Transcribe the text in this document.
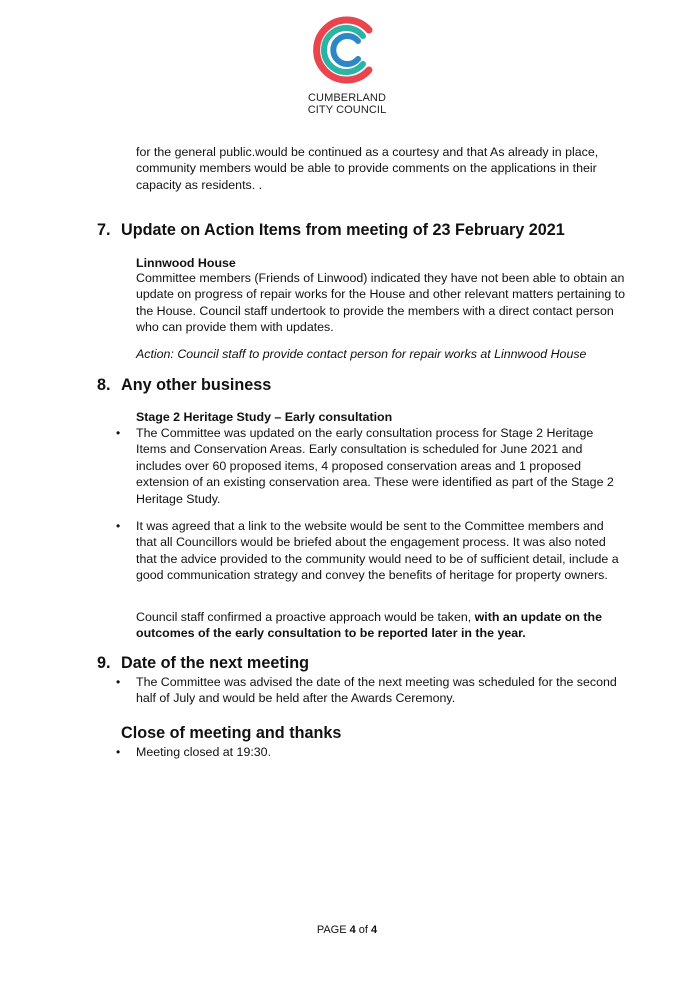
CUMBERLAND
CITY COUNCIL

for the general public.would be continued as a courtesy and that As already in place, community members would be able to provide comments on the applications in their capacity as residents. .

7. Update on Action Items from meeting of 23 February 2021

Linnwood House

Committee members (Friends of Linwood) indicated they have not been able to obtain an update on progress of repair works for the House and other relevant matters pertaining to the House. Council staff undertook to provide the members with a direct contact person who can provide them with updates.

Action: Council staff to provide contact person for repair works at Linnwood House

8. Any other business

Stage 2 Heritage Study – Early consultation

• The Committee was updated on the early consultation process for Stage 2 Heritage Items and Conservation Areas. Early consultation is scheduled for June 2021 and includes over 60 proposed items, 4 proposed conservation areas and 1 proposed extension of an existing conservation area. These were identified as part of the Stage 2 Heritage Study.

• It was agreed that a link to the website would be sent to the Committee members and that all Councillors would be briefed about the engagement process. It was also noted that the advice provided to the community would need to be of sufficient detail, include a good communication strategy and convey the benefits of heritage for property owners.

Council staff confirmed a proactive approach would be taken, with an update on the outcomes of the early consultation to be reported later in the year.

9. Date of the next meeting
• The Committee was advised the date of the next meeting was scheduled for the second half of July and would be held after the Awards Ceremony.

Close of meeting and thanks
• Meeting closed at 19:30.

PAGE 4 of 4
